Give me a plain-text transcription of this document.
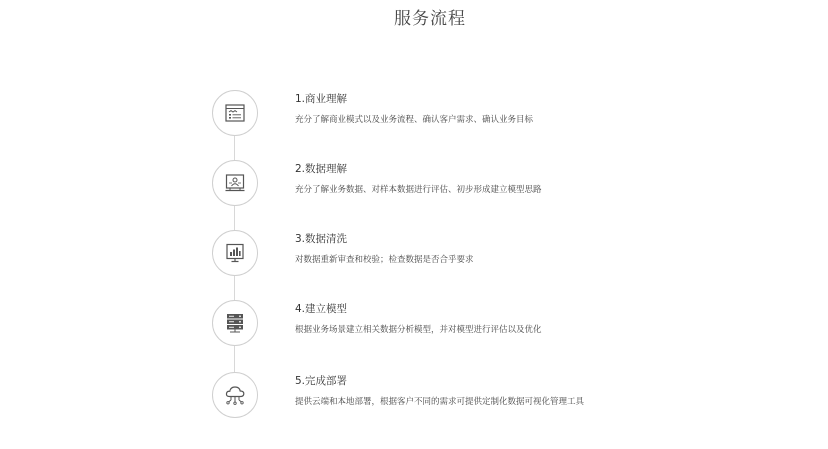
服务流程
1.商业理解
充分了解商业模式以及业务流程、确认客户需求、确认业务目标
2.数据理解
充分了解业务数据、对样本数据进行评估、初步形成建立模型思路
3.数据清洗
对数据重新审查和校验；检查数据是否合乎要求
4.建立模型
根据业务场景建立相关数据分析模型，并对模型进行评估以及优化
5.完成部署
提供云端和本地部署，根据客户不同的需求可提供定制化数据可视化管理工具
